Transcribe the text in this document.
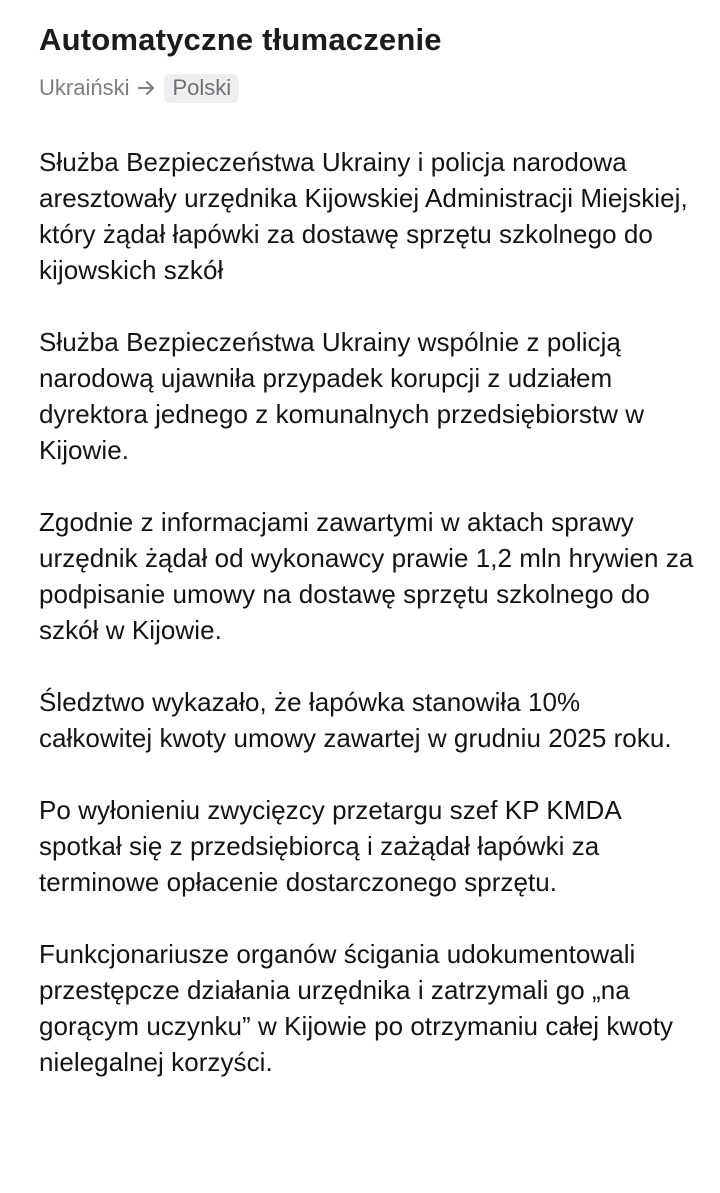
Automatyczne tłumaczenie
Ukraiński	Polski

Służba Bezpieczeństwa Ukrainy i policja narodowa aresztowały urzędnika Kijowskiej Administracji Miejskiej, który żądał łapówki za dostawę sprzętu szkolnego do kijowskich szkół

Służba Bezpieczeństwa Ukrainy wspólnie z policją narodową ujawniła przypadek korupcji z udziałem dyrektora jednego z komunalnych przedsiębiorstw w Kijowie.

Zgodnie z informacjami zawartymi w aktach sprawy urzędnik żądał od wykonawcy prawie 1,2 mln hrywien za podpisanie umowy na dostawę sprzętu szkolnego do szkół w Kijowie.

Śledztwo wykazało, że łapówka stanowiła 10% całkowitej kwoty umowy zawartej w grudniu 2025 roku.

Po wyłonieniu zwycięzcy przetargu szef KP KMDA spotkał się z przedsiębiorcą i zażądał łapówki za terminowe opłacenie dostarczonego sprzętu.

Funkcjonariusze organów ścigania udokumentowali przestępcze działania urzędnika i zatrzymali go „na gorącym uczynku” w Kijowie po otrzymaniu całej kwoty nielegalnej korzyści.
